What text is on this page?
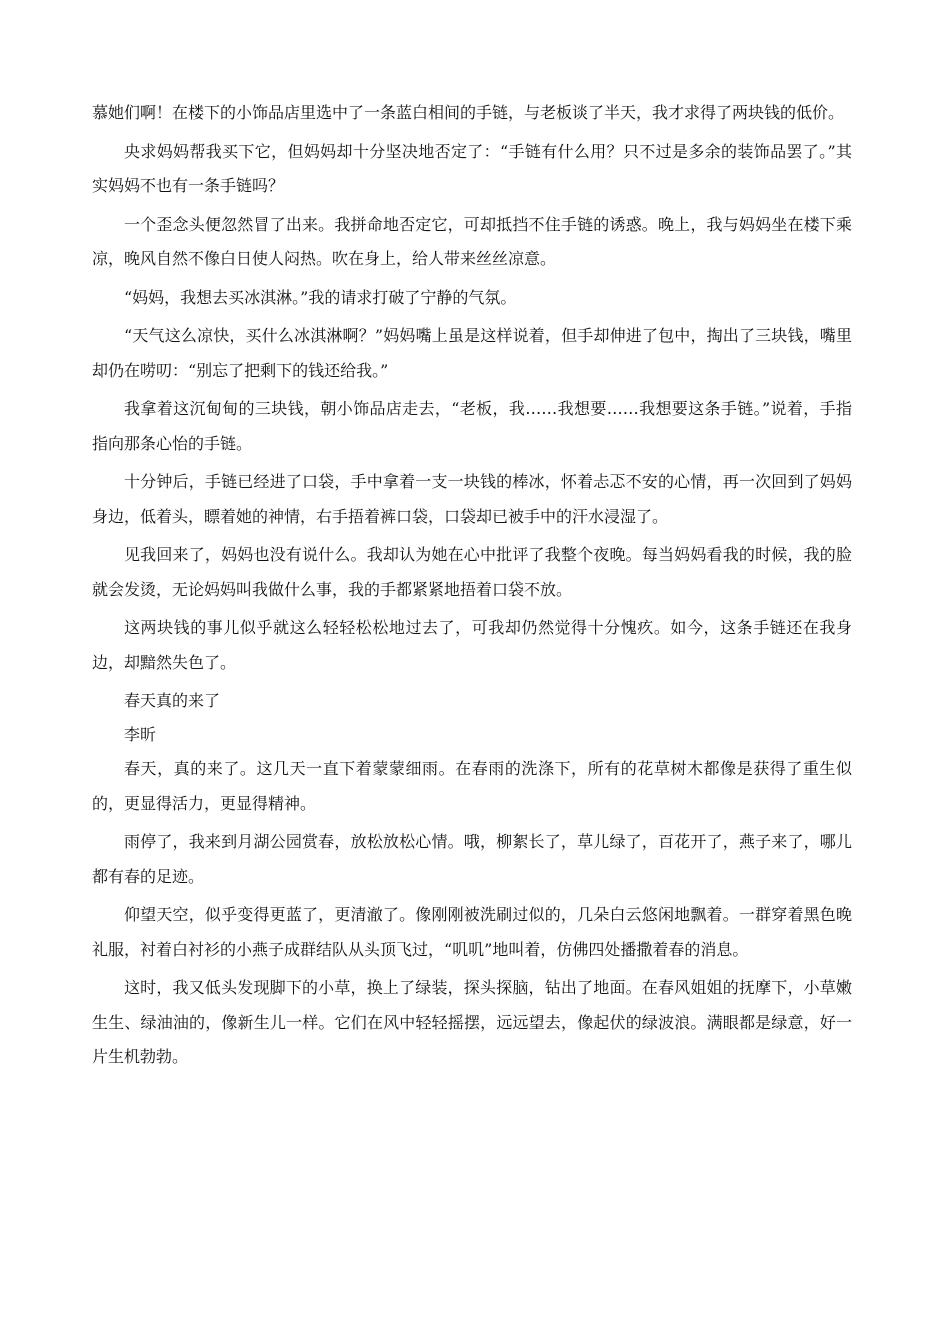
慕她们啊！在楼下的小饰品店里选中了一条蓝白相间的手链，与老板谈了半天，我才求得了两块钱的低价。

央求妈妈帮我买下它，但妈妈却十分坚决地否定了：“手链有什么用？只不过是多余的装饰品罢了。”其实妈妈不也有一条手链吗？

一个歪念头便忽然冒了出来。我拼命地否定它，可却抵挡不住手链的诱惑。晚上，我与妈妈坐在楼下乘凉，晚风自然不像白日使人闷热。吹在身上，给人带来丝丝凉意。

“妈妈，我想去买冰淇淋。”我的请求打破了宁静的气氛。

“天气这么凉快，买什么冰淇淋啊？”妈妈嘴上虽是这样说着，但手却伸进了包中，掏出了三块钱，嘴里却仍在唠叨：“别忘了把剩下的钱还给我。”

我拿着这沉甸甸的三块钱，朝小饰品店走去，“老板，我……我想要……我想要这条手链。”说着，手指指向那条心怡的手链。

十分钟后，手链已经进了口袋，手中拿着一支一块钱的棒冰，怀着忐忑不安的心情，再一次回到了妈妈身边，低着头，瞟着她的神情，右手捂着裤口袋，口袋却已被手中的汗水浸湿了。

见我回来了，妈妈也没有说什么。我却认为她在心中批评了我整个夜晚。每当妈妈看我的时候，我的脸就会发烫，无论妈妈叫我做什么事，我的手都紧紧地捂着口袋不放。

这两块钱的事儿似乎就这么轻轻松松地过去了，可我却仍然觉得十分愧疚。如今，这条手链还在我身边，却黯然失色了。

春天真的来了

李昕

春天，真的来了。这几天一直下着蒙蒙细雨。在春雨的洗涤下，所有的花草树木都像是获得了重生似的，更显得活力，更显得精神。

雨停了，我来到月湖公园赏春，放松放松心情。哦，柳絮长了，草儿绿了，百花开了，燕子来了，哪儿都有春的足迹。

仰望天空，似乎变得更蓝了，更清澈了。像刚刚被洗刷过似的，几朵白云悠闲地飘着。一群穿着黑色晚礼服，衬着白衬衫的小燕子成群结队从头顶飞过，“叽叽”地叫着，仿佛四处播撒着春的消息。

这时，我又低头发现脚下的小草，换上了绿装，探头探脑，钻出了地面。在春风姐姐的抚摩下，小草嫩生生、绿油油的，像新生儿一样。它们在风中轻轻摇摆，远远望去，像起伏的绿波浪。满眼都是绿意，好一片生机勃勃。
